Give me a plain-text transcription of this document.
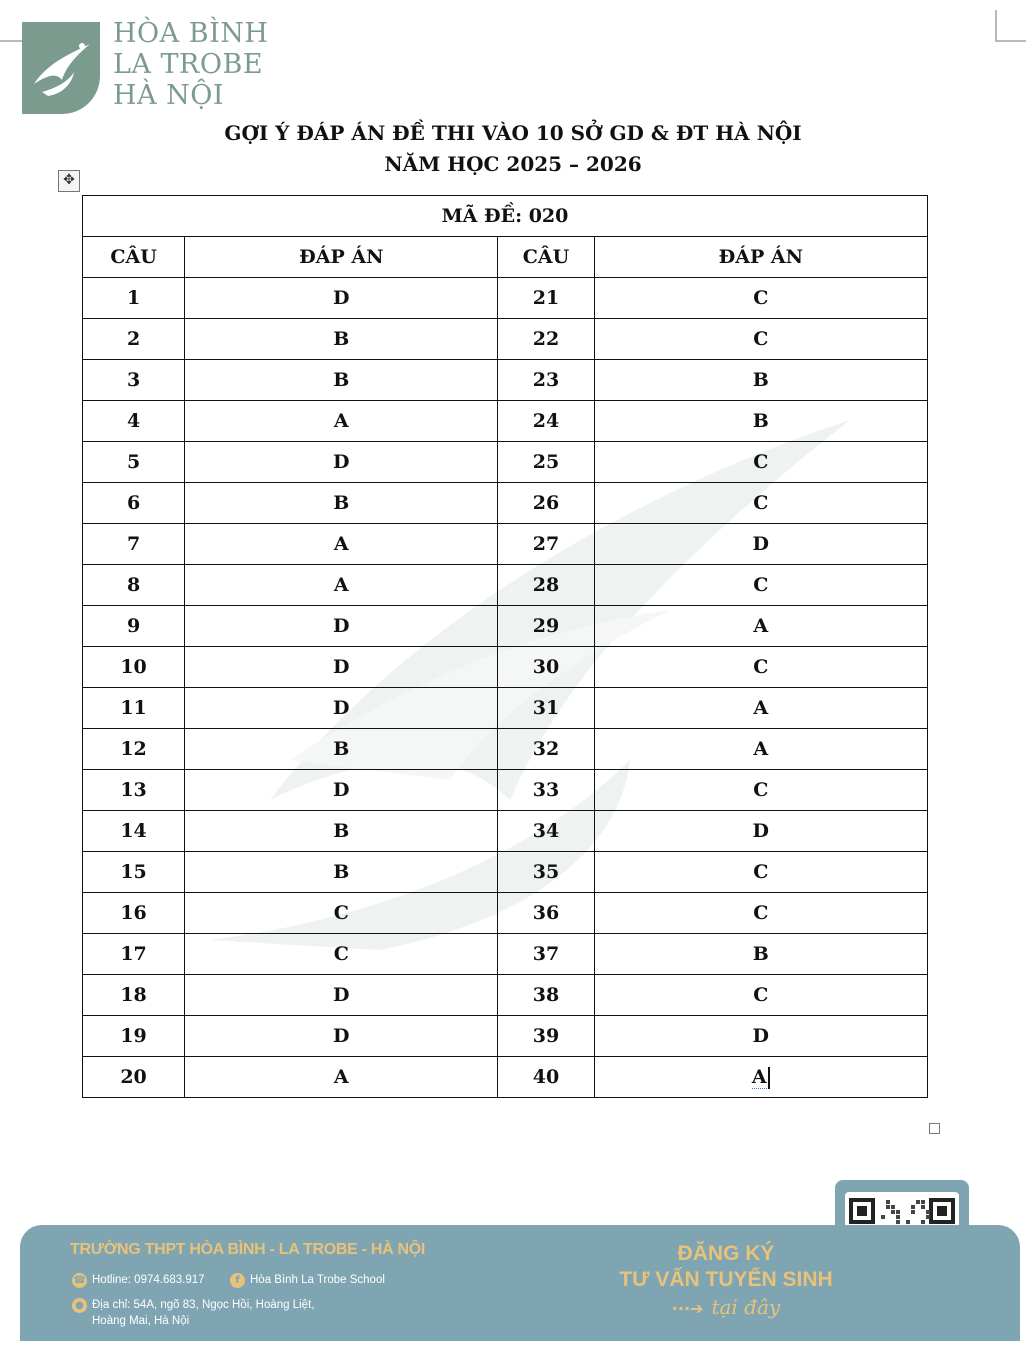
HÒA BÌNH
LA TROBE
HÀ NỘI
GỢI Ý ĐÁP ÁN ĐỀ THI VÀO 10 SỞ GD & ĐT HÀ NỘI
NĂM HỌC 2025 – 2026
✥
MÃ ĐỀ: 020			
CÂU	ĐÁP ÁN	CÂU	ĐÁP ÁN
1	D	21	C
2	B	22	C
3	B	23	B
4	A	24	B
5	D	25	C
6	B	26	C
7	A	27	D
8	A	28	C
9	D	29	A
10	D	30	C
11	D	31	A
12	B	32	A
13	D	33	C
14	B	34	D
15	B	35	C
16	C	36	C
17	C	37	B
18	D	38	C
19	D	39	D
20	A	40	A
TRƯỜNG THPT HÒA BÌNH - LA TROBE - HÀ NỘI
☎ Hotline: 0974.683.917	f Hòa Bình La Trobe School
● Địa chỉ: 54A, ngõ 83, Ngọc Hồi, Hoàng Liệt,
Hoàng Mai, Hà Nội
ĐĂNG KÝ
TƯ VẤN TUYỂN SINH
···➔ tại đây
